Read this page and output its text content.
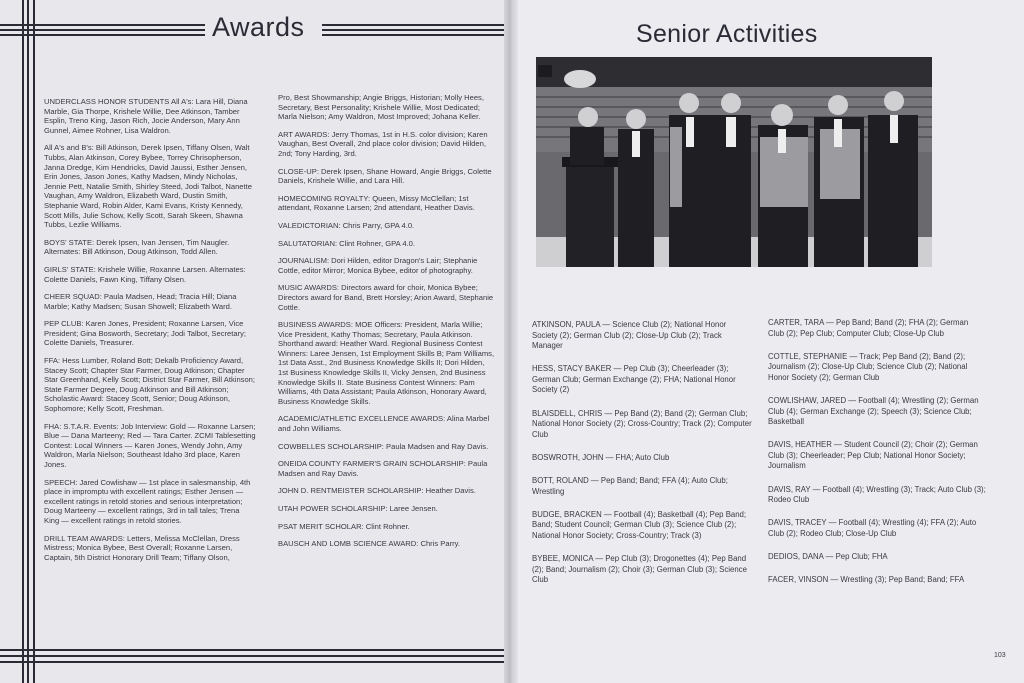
Awards

UNDERCLASS HONOR STUDENTS All A's: Lara Hill, Diana Marble, Gia Thorpe, Krishele Willie, Dee Atkinson, Tamber Esplin, Treno King, Jason Rich, Jocie Anderson, Mary Ann Gunnel, Aimee Rohner, Lisa Waldron.

All A's and B's: Bill Atkinson, Derek Ipsen, Tiffany Olsen, Walt Tubbs, Alan Atkinson, Corey Bybee, Torrey Chrisopherson, Janna Dredge, Kim Hendricks, David Jaussi, Esther Jensen, Erin Jones, Jason Jones, Kathy Madsen, Mindy Nicholas, Jennie Pett, Natalie Smith, Shirley Steed, Jodi Talbot, Nanette Vaughan, Amy Waldron, Elizabeth Ward, Dustin Smith, Stephanie Ward, Robin Alder, Kami Evans, Kristy Kennedy, Scott Mills, Julie Schow, Kelly Scott, Sarah Skeen, Shawna Tubbs, Lezlie Williams.

BOYS' STATE: Derek Ipsen, Ivan Jensen, Tim Naugler. Alternates: Bill Atkinson, Doug Atkinson, Todd Allen.

GIRLS' STATE: Krishele Willie, Roxanne Larsen. Alternates: Colette Daniels, Fawn King, Tiffany Olsen.

CHEER SQUAD: Paula Madsen, Head; Tracia Hill; Diana Marble; Kathy Madsen; Susan Showell; Elizabeth Ward.

PEP CLUB: Karen Jones, President; Roxanne Larsen, Vice President; Gina Bosworth, Secretary; Jodi Talbot, Secretary; Colette Daniels, Treasurer.

FFA: Hess Lumber, Roland Bott; Dekalb Proficiency Award, Stacey Scott; Chapter Star Farmer, Doug Atkinson; Chapter Star Greenhand, Kelly Scott; District Star Farmer, Bill Atkinson; State Farmer Degree, Doug Atkinson and Bill Atkinson; Scholastic Award: Stacey Scott, Senior; Doug Atkinson, Sophomore; Kelly Scott, Freshman.

FHA: S.T.A.R. Events: Job Interview: Gold — Roxanne Larsen; Blue — Dana Marteeny; Red — Tara Carter. ZCMI Tablesetting Contest: Local Winners — Karen Jones, Wendy John, Amy Waldron, Marla Nielson; Southeast Idaho 3rd place, Karen Jones.

SPEECH: Jared Cowlishaw — 1st place in salesmanship, 4th place in impromptu with excellent ratings; Esther Jensen — excellent ratings in retold stories and serious interpretation; Doug Marteeny — excellent ratings, 3rd in tall tales; Trena King — excellent ratings in retold stories.

DRILL TEAM AWARDS: Letters, Melissa McClellan, Dress Mistress; Monica Bybee, Best Overall; Roxanne Larsen, Captain, 5th District Honorary Drill Team; Tiffany Olson,

Pro, Best Showmanship; Angie Briggs, Historian; Molly Hees, Secretary, Best Personality; Krishele Willie, Most Dedicated; Marla Nielson; Amy Waldron, Most Improved; Johana Keller.

ART AWARDS: Jerry Thomas, 1st in H.S. color division; Karen Vaughan, Best Overall, 2nd place color division; David Hilden, 2nd; Tony Harding, 3rd.

CLOSE-UP: Derek Ipsen, Shane Howard, Angie Briggs, Colette Daniels, Krishele Willie, and Lara Hill.

HOMECOMING ROYALTY: Queen, Missy McClellan; 1st attendant, Roxanne Larsen; 2nd attendant, Heather Davis.

VALEDICTORIAN: Chris Parry, GPA 4.0.

SALUTATORIAN: Clint Rohner, GPA 4.0.

JOURNALISM: Dori Hilden, editor Dragon's Lair; Stephanie Cottle, editor Mirror; Monica Bybee, editor of photography.

MUSIC AWARDS: Directors award for choir, Monica Bybee; Directors award for Band, Brett Horsley; Arion Award, Stephanie Cottle.

BUSINESS AWARDS: MOE Officers: President, Marla Willie; Vice President, Kathy Thomas; Secretary, Paula Atkinson. Shorthand award: Heather Ward. Regional Business Contest Winners: Laree Jensen, 1st Employment Skills B; Pam Williams, 1st Data Asst., 2nd Business Knowledge Skills II; Dori Hilden, 1st Business Knowledge Skills II, Vicky Jensen, 2nd Business Knowledge Skills II. State Business Contest Winners: Pam Williams, 4th Data Assistant; Paula Atkinson, Honorary Award, Business Knowledge Skills.

ACADEMIC/ATHLETIC EXCELLENCE AWARDS: Alina Marbel and John Williams.

COWBELLES SCHOLARSHIP: Paula Madsen and Ray Davis.

ONEIDA COUNTY FARMER'S GRAIN SCHOLARSHIP: Paula Madsen and Ray Davis.

JOHN D. RENTMEISTER SCHOLARSHIP: Heather Davis.

UTAH POWER SCHOLARSHIP: Laree Jensen.

PSAT MERIT SCHOLAR: Clint Rohner.

BAUSCH AND LOMB SCIENCE AWARD: Chris Parry.

Senior Activities

ATKINSON, PAULA — Science Club (2); National Honor Society (2); German Club (2); Close-Up Club (2); Track Manager

HESS, STACY BAKER — Pep Club (3); Cheerleader (3); German Club; German Exchange (2); FHA; National Honor Society (2)

BLAISDELL, CHRIS — Pep Band (2); Band (2); German Club; National Honor Society (2); Cross-Country; Track (2); Computer Club

BOSWROTH, JOHN — FHA; Auto Club

BOTT, ROLAND — Pep Band; Band; FFA (4); Auto Club; Wrestling

BUDGE, BRACKEN — Football (4); Basketball (4); Pep Band; Band; Student Council; German Club (3); Science Club (2); National Honor Society; Cross-Country; Track (3)

BYBEE, MONICA — Pep Club (3); Drogonettes (4); Pep Band (2); Band; Journalism (2); Choir (3); German Club (3); Science Club

CARTER, TARA — Pep Band; Band (2); FHA (2); German Club (2); Pep Club; Computer Club; Close-Up Club

COTTLE, STEPHANIE — Track; Pep Band (2); Band (2); Journalism (2); Close-Up Club; Science Club (2); National Honor Society (2); German Club

COWLISHAW, JARED — Football (4); Wrestling (2); German Club (4); German Exchange (2); Speech (3); Science Club; Basketball

DAVIS, HEATHER — Student Council (2); Choir (2); German Club (3); Cheerleader; Pep Club; National Honor Society; Journalism

DAVIS, RAY — Football (4); Wrestling (3); Track; Auto Club (3); Rodeo Club

DAVIS, TRACEY — Football (4); Wrestling (4); FFA (2); Auto Club (2); Rodeo Club; Close-Up Club

DEDIOS, DANA — Pep Club; FHA

FACER, VINSON — Wrestling (3); Pep Band; Band; FFA

103
